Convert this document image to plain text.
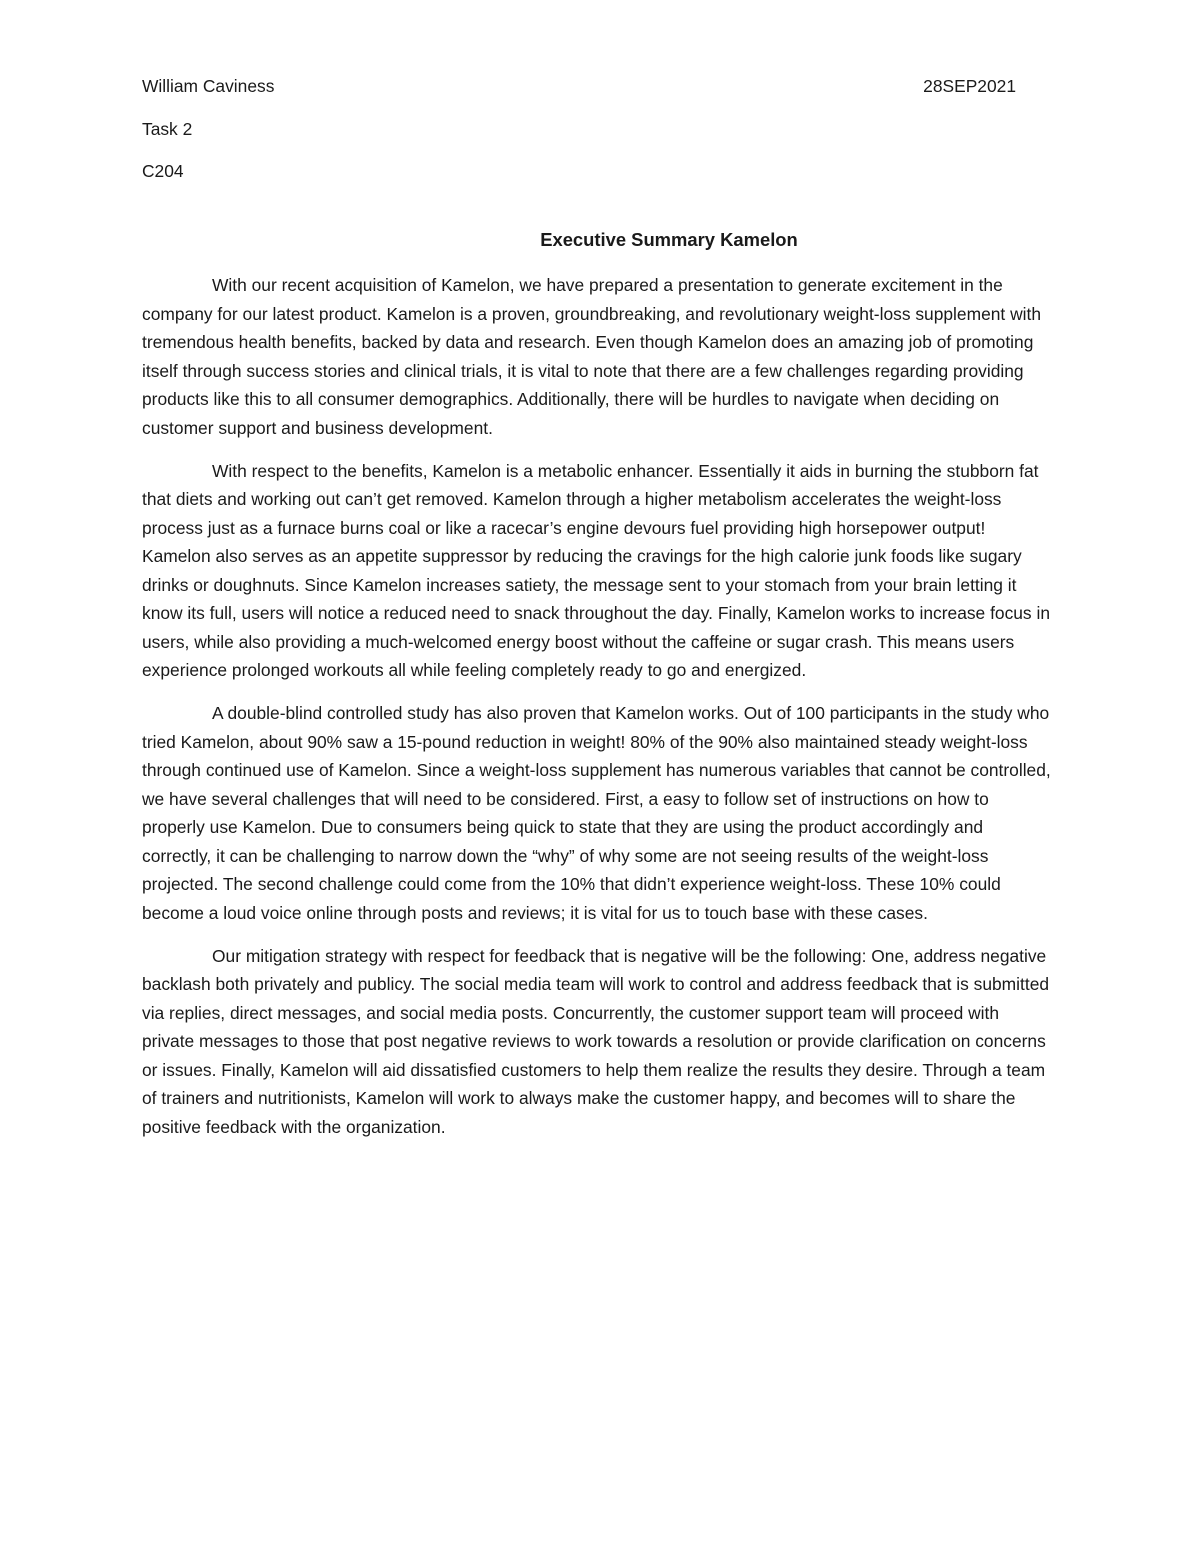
William Caviness	28SEP2021
Task 2
C204
Executive Summary Kamelon

With our recent acquisition of Kamelon, we have prepared a presentation to generate excitement in the company for our latest product. Kamelon is a proven, groundbreaking, and revolutionary weight-loss supplement with tremendous health benefits, backed by data and research. Even though Kamelon does an amazing job of promoting itself through success stories and clinical trials, it is vital to note that there are a few challenges regarding providing products like this to all consumer demographics. Additionally, there will be hurdles to navigate when deciding on customer support and business development.

With respect to the benefits, Kamelon is a metabolic enhancer. Essentially it aids in burning the stubborn fat that diets and working out can’t get removed. Kamelon through a higher metabolism accelerates the weight-loss process just as a furnace burns coal or like a racecar’s engine devours fuel providing high horsepower output! Kamelon also serves as an appetite suppressor by reducing the cravings for the high calorie junk foods like sugary drinks or doughnuts. Since Kamelon increases satiety, the message sent to your stomach from your brain letting it know its full, users will notice a reduced need to snack throughout the day. Finally, Kamelon works to increase focus in users, while also providing a much-welcomed energy boost without the caffeine or sugar crash. This means users experience prolonged workouts all while feeling completely ready to go and energized.

A double-blind controlled study has also proven that Kamelon works. Out of 100 participants in the study who tried Kamelon, about 90% saw a 15-pound reduction in weight! 80% of the 90% also maintained steady weight-loss through continued use of Kamelon. Since a weight-loss supplement has numerous variables that cannot be controlled, we have several challenges that will need to be considered. First, a easy to follow set of instructions on how to properly use Kamelon. Due to consumers being quick to state that they are using the product accordingly and correctly, it can be challenging to narrow down the “why” of why some are not seeing results of the weight-loss projected. The second challenge could come from the 10% that didn’t experience weight-loss. These 10% could become a loud voice online through posts and reviews; it is vital for us to touch base with these cases.

Our mitigation strategy with respect for feedback that is negative will be the following: One, address negative backlash both privately and publicy. The social media team will work to control and address feedback that is submitted via replies, direct messages, and social media posts. Concurrently, the customer support team will proceed with private messages to those that post negative reviews to work towards a resolution or provide clarification on concerns or issues. Finally, Kamelon will aid dissatisfied customers to help them realize the results they desire. Through a team of trainers and nutritionists, Kamelon will work to always make the customer happy, and becomes will to share the positive feedback with the organization.
